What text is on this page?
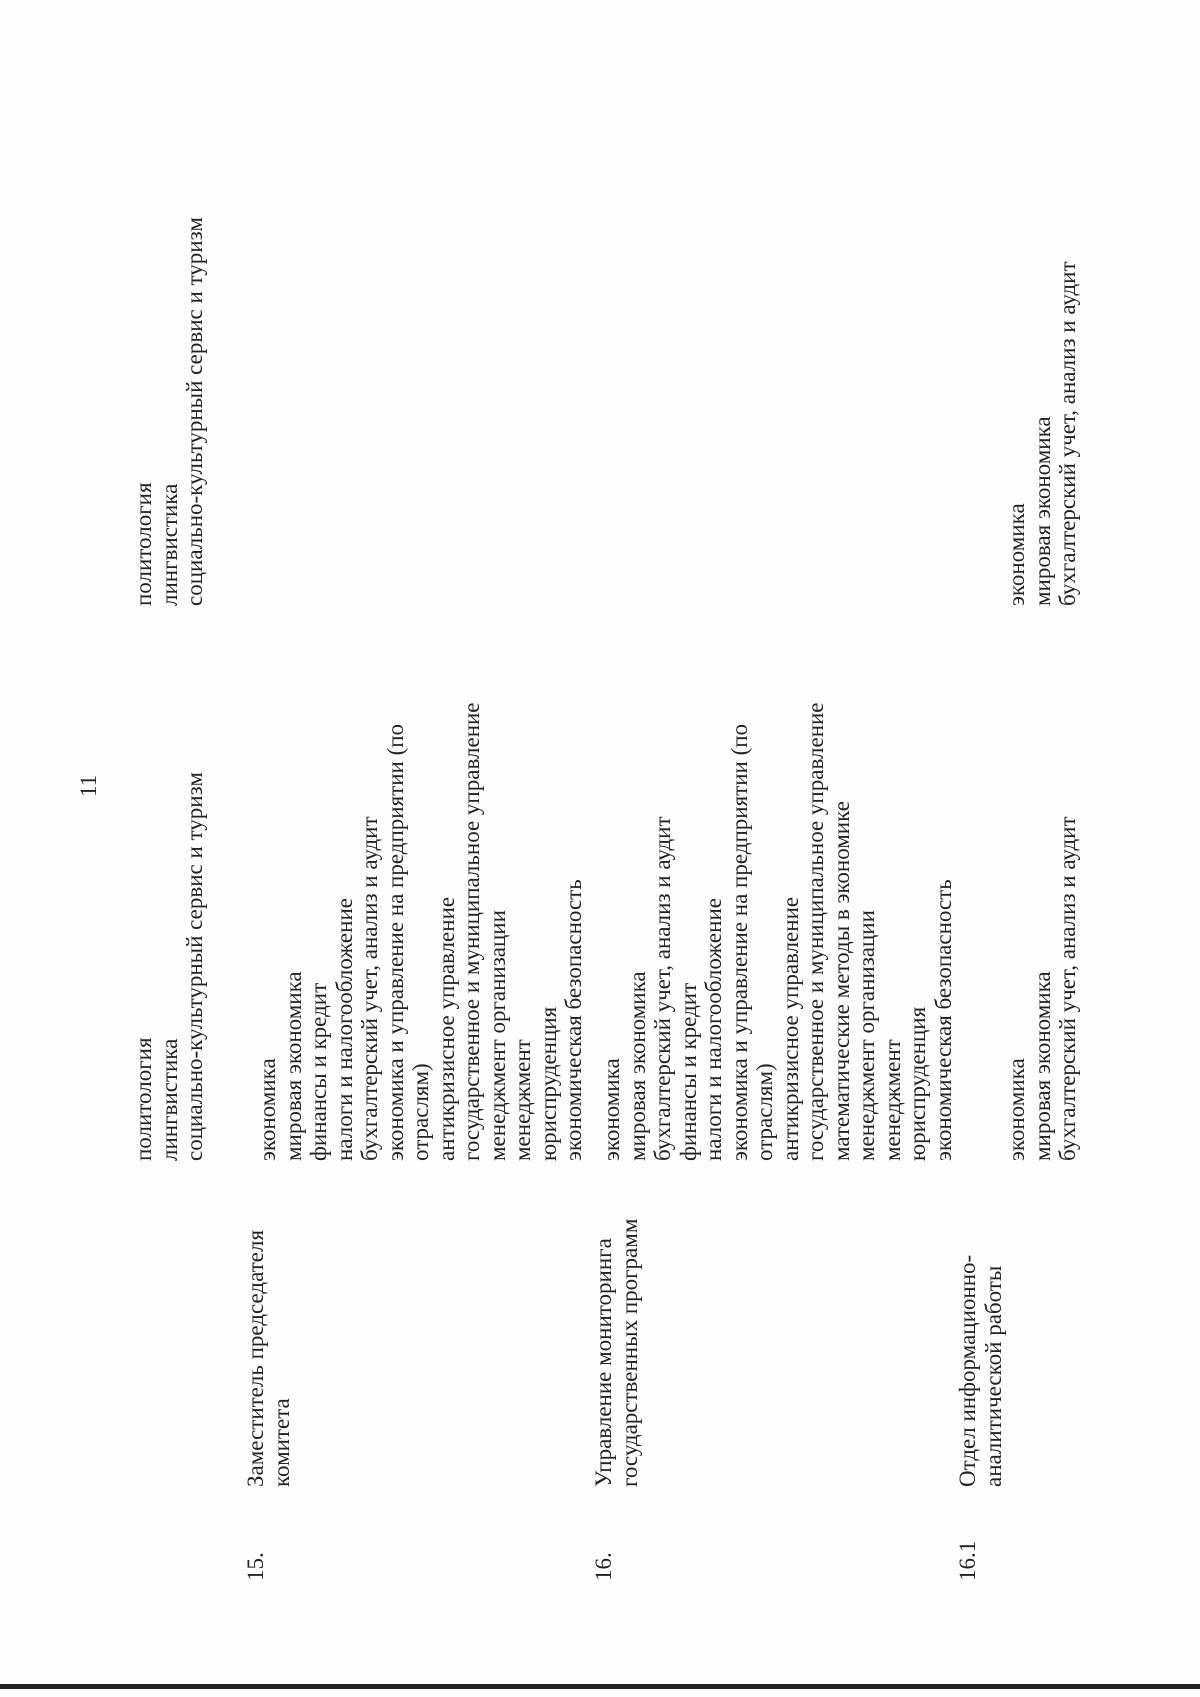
11
политология лингвистика социально-культурный сервис и туризм
политология лингвистика социально-культурный сервис и туризм
15.
Заместитель председателя комитета
экономика мировая экономика финансы и кредит налоги и налогообложение бухгалтерский учет, анализ и аудит экономика и управление на предприятии (по отраслям) антикризисное управление государственное и муниципальное управление менеджмент организации менеджмент юриспруденция экономическая безопасность
16.
Управление мониторинга государственных программ
экономика мировая экономика бухгалтерский учет, анализ и аудит финансы и кредит налоги и налогообложение экономика и управление на предприятии (по отраслям) антикризисное управление государственное и муниципальное управление математические методы в экономике менеджмент организации менеджмент юриспруденция экономическая безопасность
16.1
Отдел информационно- аналитической работы
экономика мировая экономика бухгалтерский учет, анализ и аудит
экономика мировая экономика бухгалтерский учет, анализ и аудит
